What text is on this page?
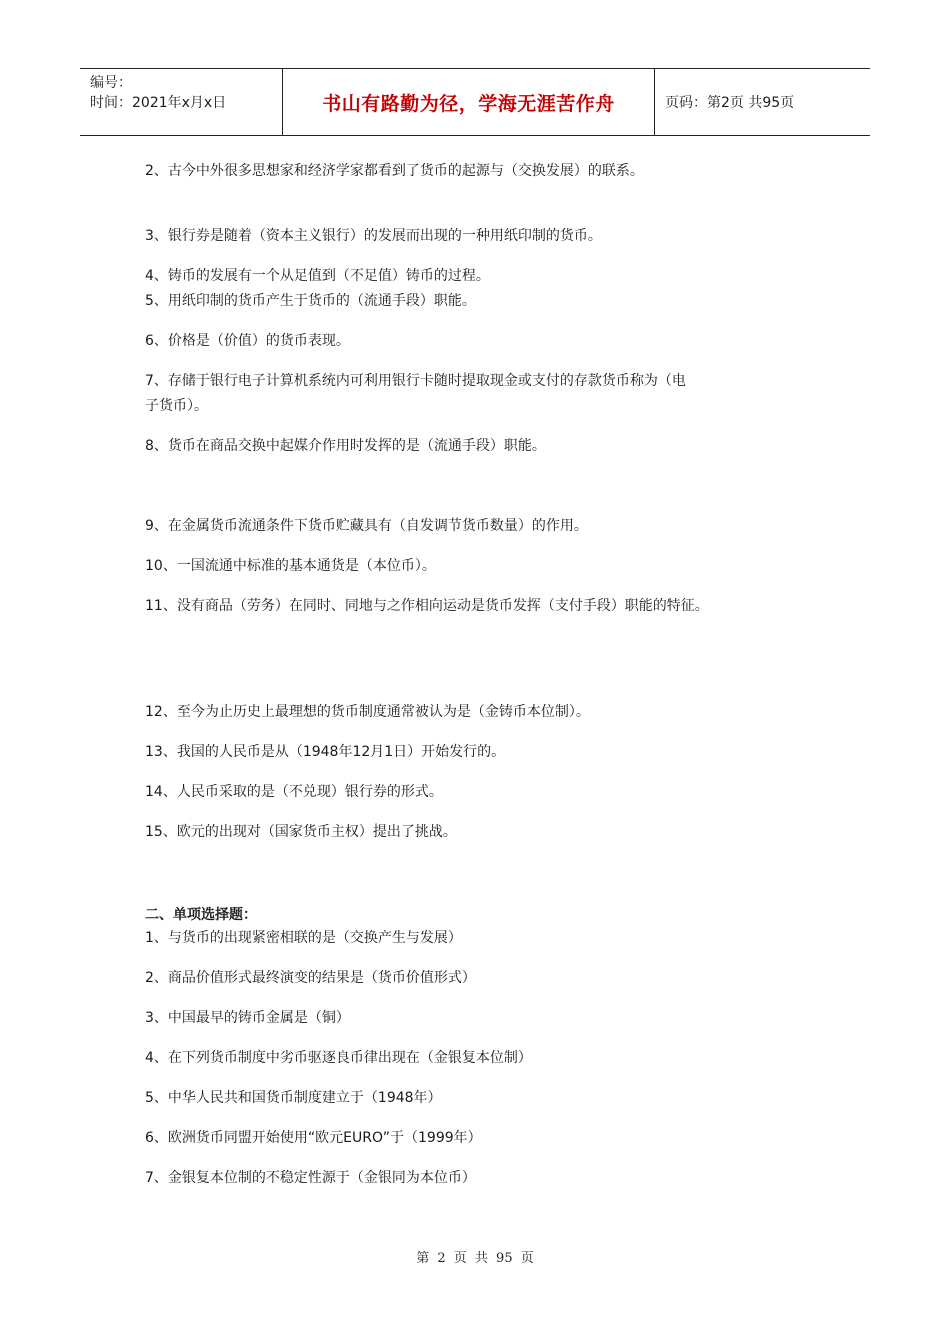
编号：
时间：2021年x月x日	书山有路勤为径，学海无涯苦作舟	页码：第2页 共95页
2、古今中外很多思想家和经济学家都看到了货币的起源与（交换发展）的联系。
3、银行券是随着（资本主义银行）的发展而出现的一种用纸印制的货币。
4、铸币的发展有一个从足值到（不足值）铸币的过程。
5、用纸印制的货币产生于货币的（流通手段）职能。
6、价格是（价值）的货币表现。
7、存储于银行电子计算机系统内可利用银行卡随时提取现金或支付的存款货币称为（电
子货币）。
8、货币在商品交换中起媒介作用时发挥的是（流通手段）职能。
9、在金属货币流通条件下货币贮藏具有（自发调节货币数量）的作用。
10、一国流通中标准的基本通货是（本位币）。
11、没有商品（劳务）在同时、同地与之作相向运动是货币发挥（支付手段）职能的特征。
12、至今为止历史上最理想的货币制度通常被认为是（金铸币本位制）。
13、我国的人民币是从（1948年12月1日）开始发行的。
14、人民币采取的是（不兑现）银行券的形式。
15、欧元的出现对（国家货币主权）提出了挑战。
二、单项选择题：
1、与货币的出现紧密相联的是（交换产生与发展）
2、商品价值形式最终演变的结果是（货币价值形式）
3、中国最早的铸币金属是（铜）
4、在下列货币制度中劣币驱逐良币律出现在（金银复本位制）
5、中华人民共和国货币制度建立于（1948年）
6、欧洲货币同盟开始使用“欧元EURO”于（1999年）
7、金银复本位制的不稳定性源于（金银同为本位币）
第 2 页 共 95 页
